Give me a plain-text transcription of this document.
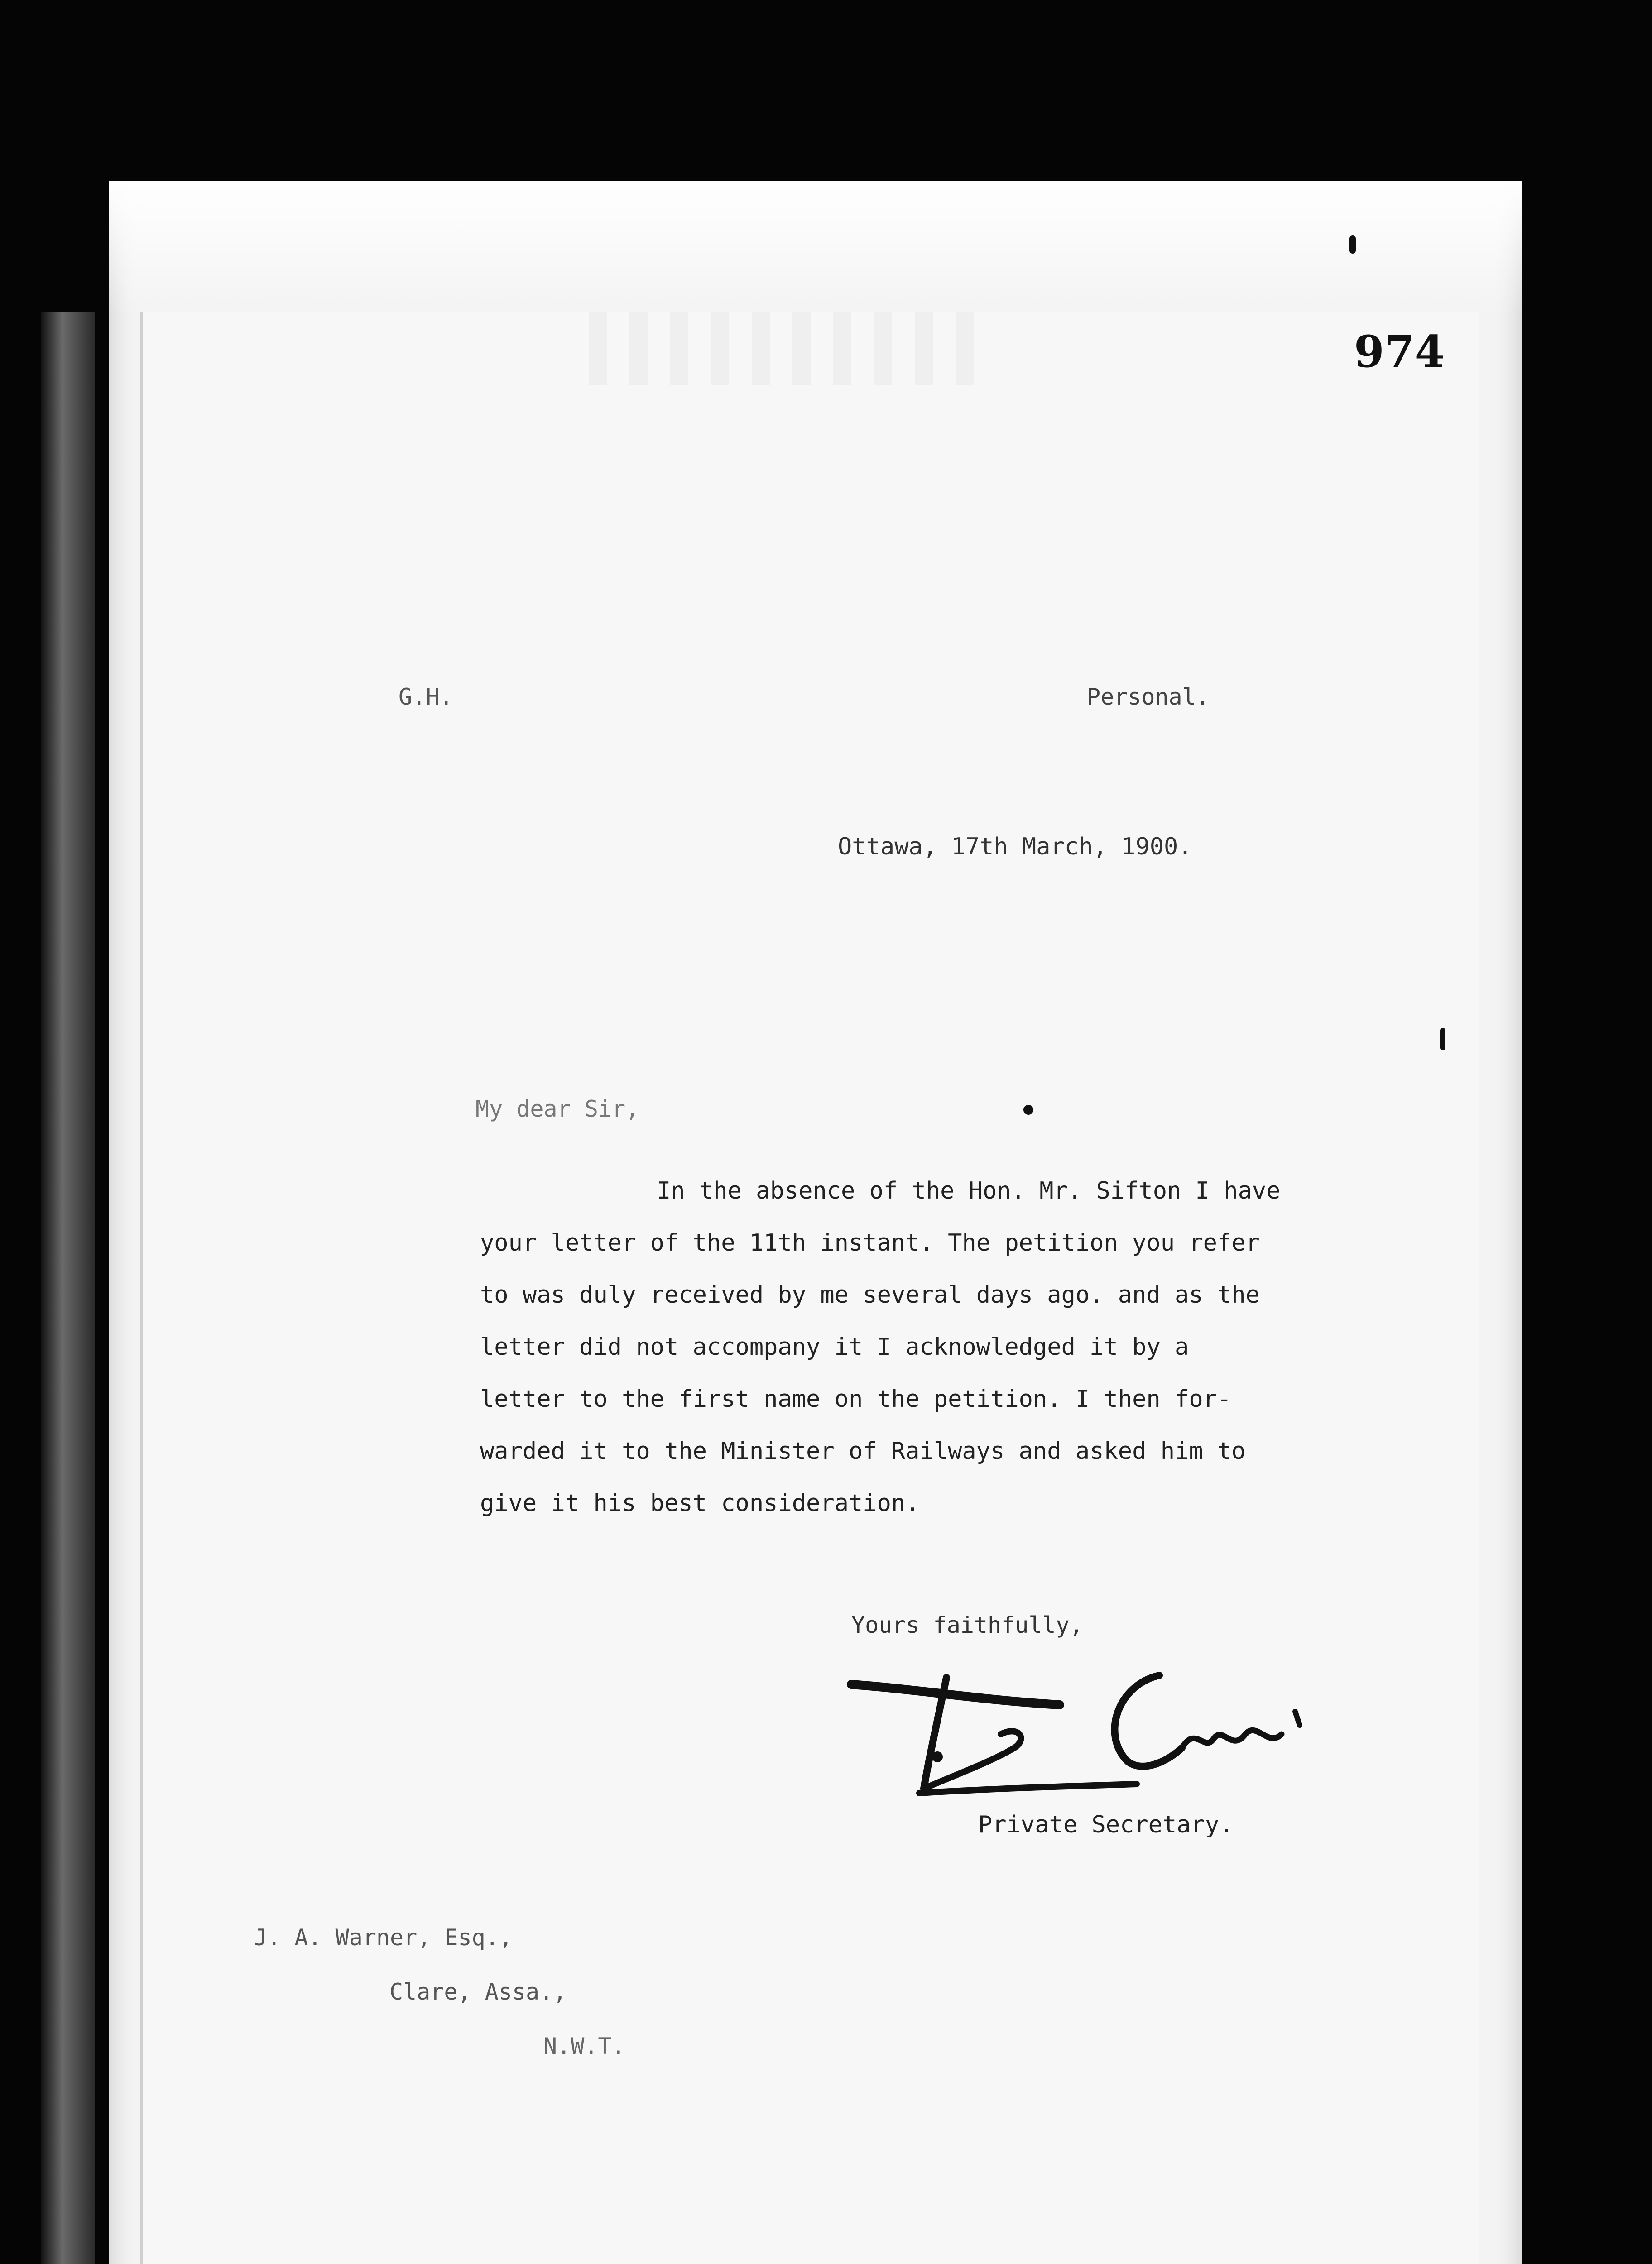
974
G.H.	Personal.
Ottawa, 17th March, 1900.
My dear Sir,
In the absence of the Hon. Mr. Sifton I have
your letter of the 11th instant. The petition you refer
to was duly received by me several days ago. and as the
letter did not accompany it I acknowledged it by a
letter to the first name on the petition. I then for-
warded it to the Minister of Railways and asked him to
give it his best consideration.
Yours faithfully,
Private Secretary.
J. A. Warner, Esq.,
Clare, Assa.,
N.W.T.
